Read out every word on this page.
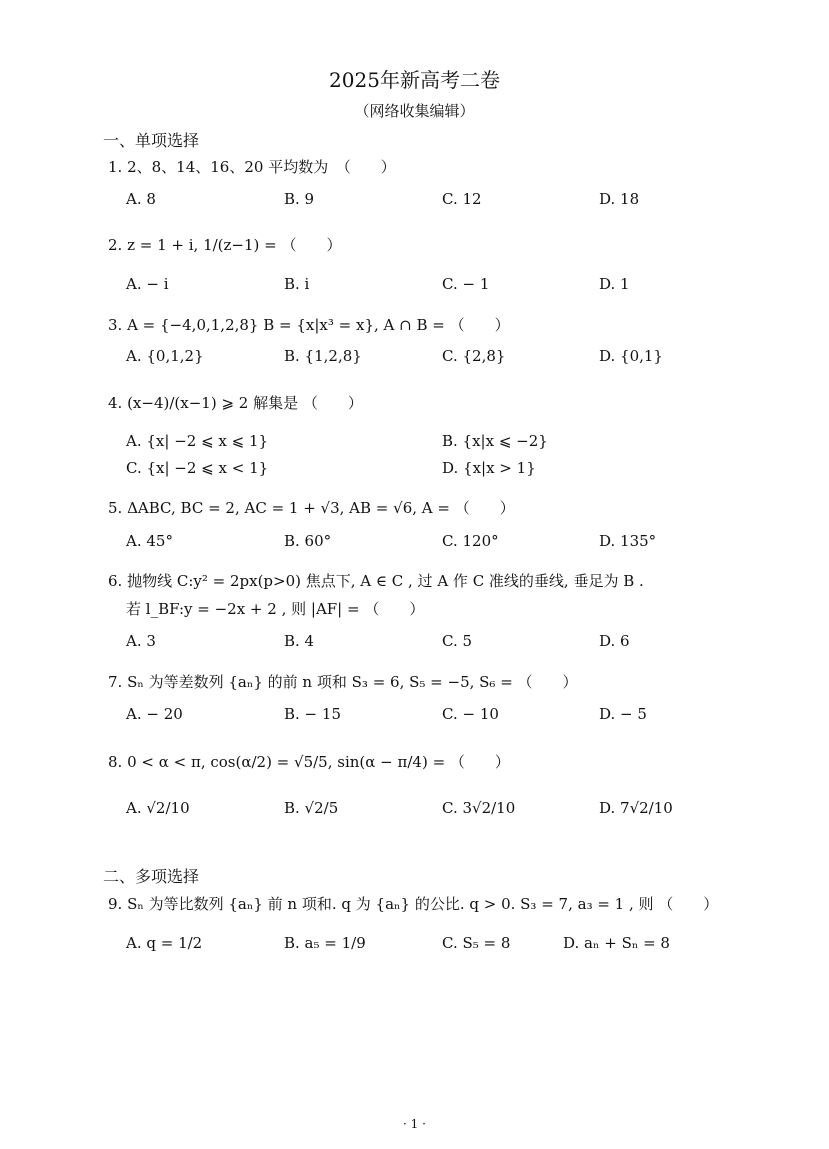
2025年新高考二卷
（网络收集编辑）
一、单项选择
1. 2、8、14、16、20 平均数为　（　　）
A. 8	B. 9	C. 12	D. 18
2. z = 1 + i, 1/(z−1) = （　　）
A. − i	B. i	C. − 1	D. 1
3. A = {−4,0,1,2,8} B = {x|x³ = x}, A ∩ B = （　　）
A. {0,1,2}	B. {1,2,8}	C. {2,8}	D. {0,1}
4. (x−4)/(x−1) ⩾ 2 解集是 （　　）
A. {x| −2 ⩽ x ⩽ 1}	B. {x|x ⩽ −2}
C. {x| −2 ⩽ x < 1}	D. {x|x > 1}
5. ΔABC, BC = 2, AC = 1 + √3, AB = √6, A = （　　）
A. 45°	B. 60°	C. 120°	D. 135°
6. 抛物线 C:y² = 2px(p>0) 焦点下, A ∈ C , 过 A 作 C 准线的垂线, 垂足为 B .
若 l_BF:y = −2x + 2 , 则 |AF| = （　　）
A. 3	B. 4	C. 5	D. 6
7. Sₙ 为等差数列 {aₙ} 的前 n 项和 S₃ = 6, S₅ = −5, S₆ = （　　）
A. − 20	B. − 15	C. − 10	D. − 5
8. 0 < α < π, cos(α/2) = √5/5, sin(α − π/4) = （　　）
A. √2/10	B. √2/5	C. 3√2/10	D. 7√2/10
二、多项选择
9. Sₙ 为等比数列 {aₙ} 前 n 项和. q 为 {aₙ} 的公比. q > 0. S₃ = 7, a₃ = 1 , 则 （　　）
A. q = 1/2	B. a₅ = 1/9	C. S₅ = 8	D. aₙ + Sₙ = 8
· 1 ·
